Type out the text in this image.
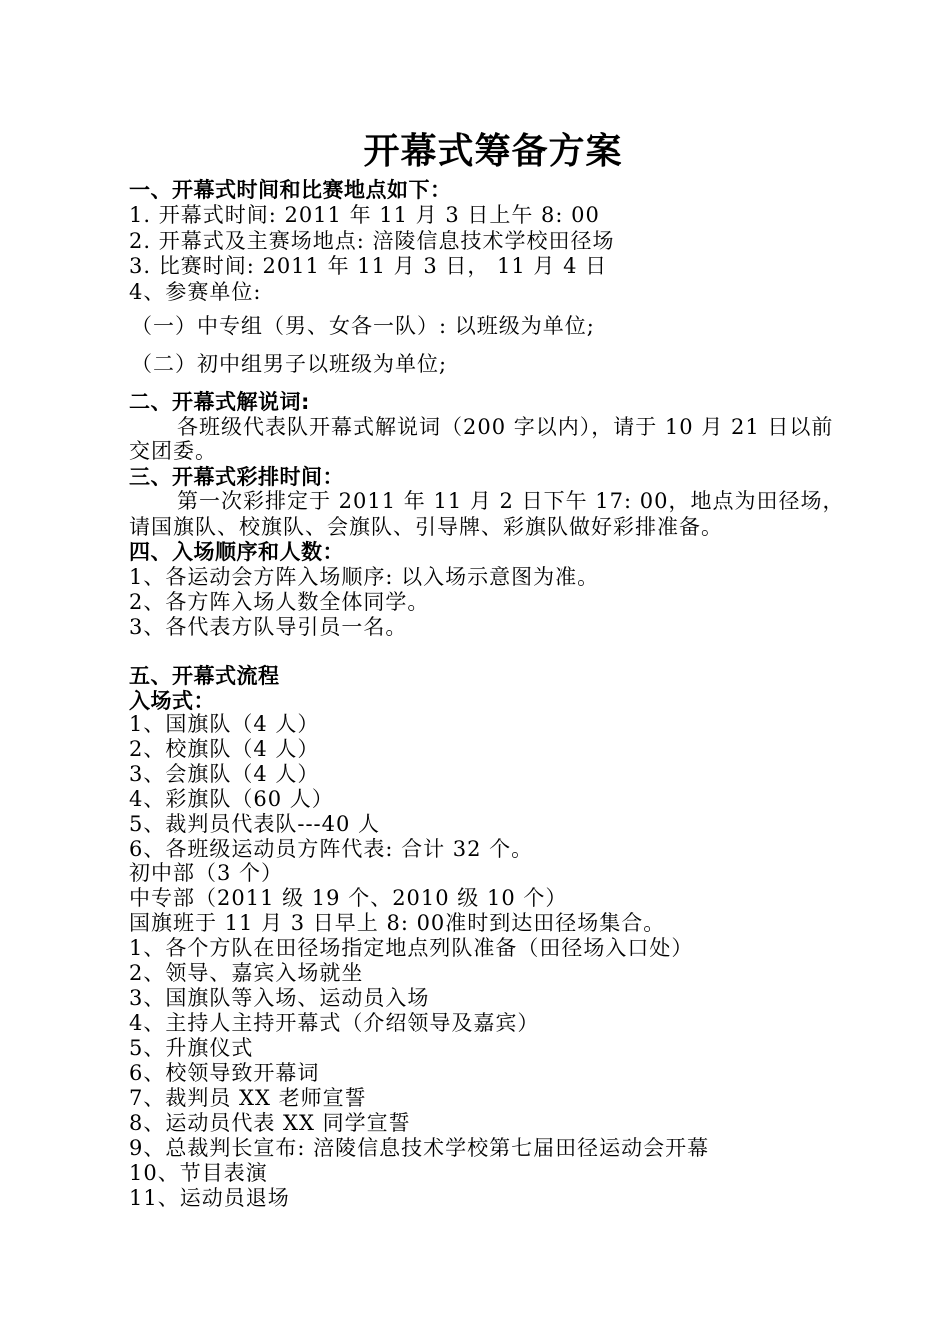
开幕式筹备方案
一、开幕式时间和比赛地点如下：
1. 开幕式时间: 2011 年 11 月 3 日上午 8: 00
2. 开幕式及主赛场地点: 涪陵信息技术学校田径场
3. 比赛时间: 2011 年 11 月 3 日， 11 月 4 日
4、参赛单位:
（一）中专组（男、女各一队）: 以班级为单位;
（二）初中组男子以班级为单位;
二、开幕式解说词:
各班级代表队开幕式解说词（200 字以内），请于 10 月 21 日以前
交团委。
三、开幕式彩排时间：
第一次彩排定于 2011 年 11 月 2 日下午 17: 00，地点为田径场，
请国旗队、校旗队、会旗队、引导牌、彩旗队做好彩排准备。
四、入场顺序和人数：
1、各运动会方阵入场顺序: 以入场示意图为准。
2、各方阵入场人数全体同学。
3、各代表方队导引员一名。
五、开幕式流程
入场式：
1、国旗队（4 人）
2、校旗队（4 人）
3、会旗队（4 人）
4、彩旗队（60 人）
5、裁判员代表队---40 人
6、各班级运动员方阵代表: 合计 32 个。
初中部（3 个）
中专部（2011 级 19 个、2010 级 10 个）
国旗班于 11 月 3 日早上 8: 00准时到达田径场集合。
1、各个方队在田径场指定地点列队准备（田径场入口处）
2、领导、嘉宾入场就坐
3、国旗队等入场、运动员入场
4、主持人主持开幕式（介绍领导及嘉宾）
5、升旗仪式
6、校领导致开幕词
7、裁判员 XX 老师宣誓
8、运动员代表 XX 同学宣誓
9、总裁判长宣布: 涪陵信息技术学校第七届田径运动会开幕
10、节目表演
11、运动员退场
